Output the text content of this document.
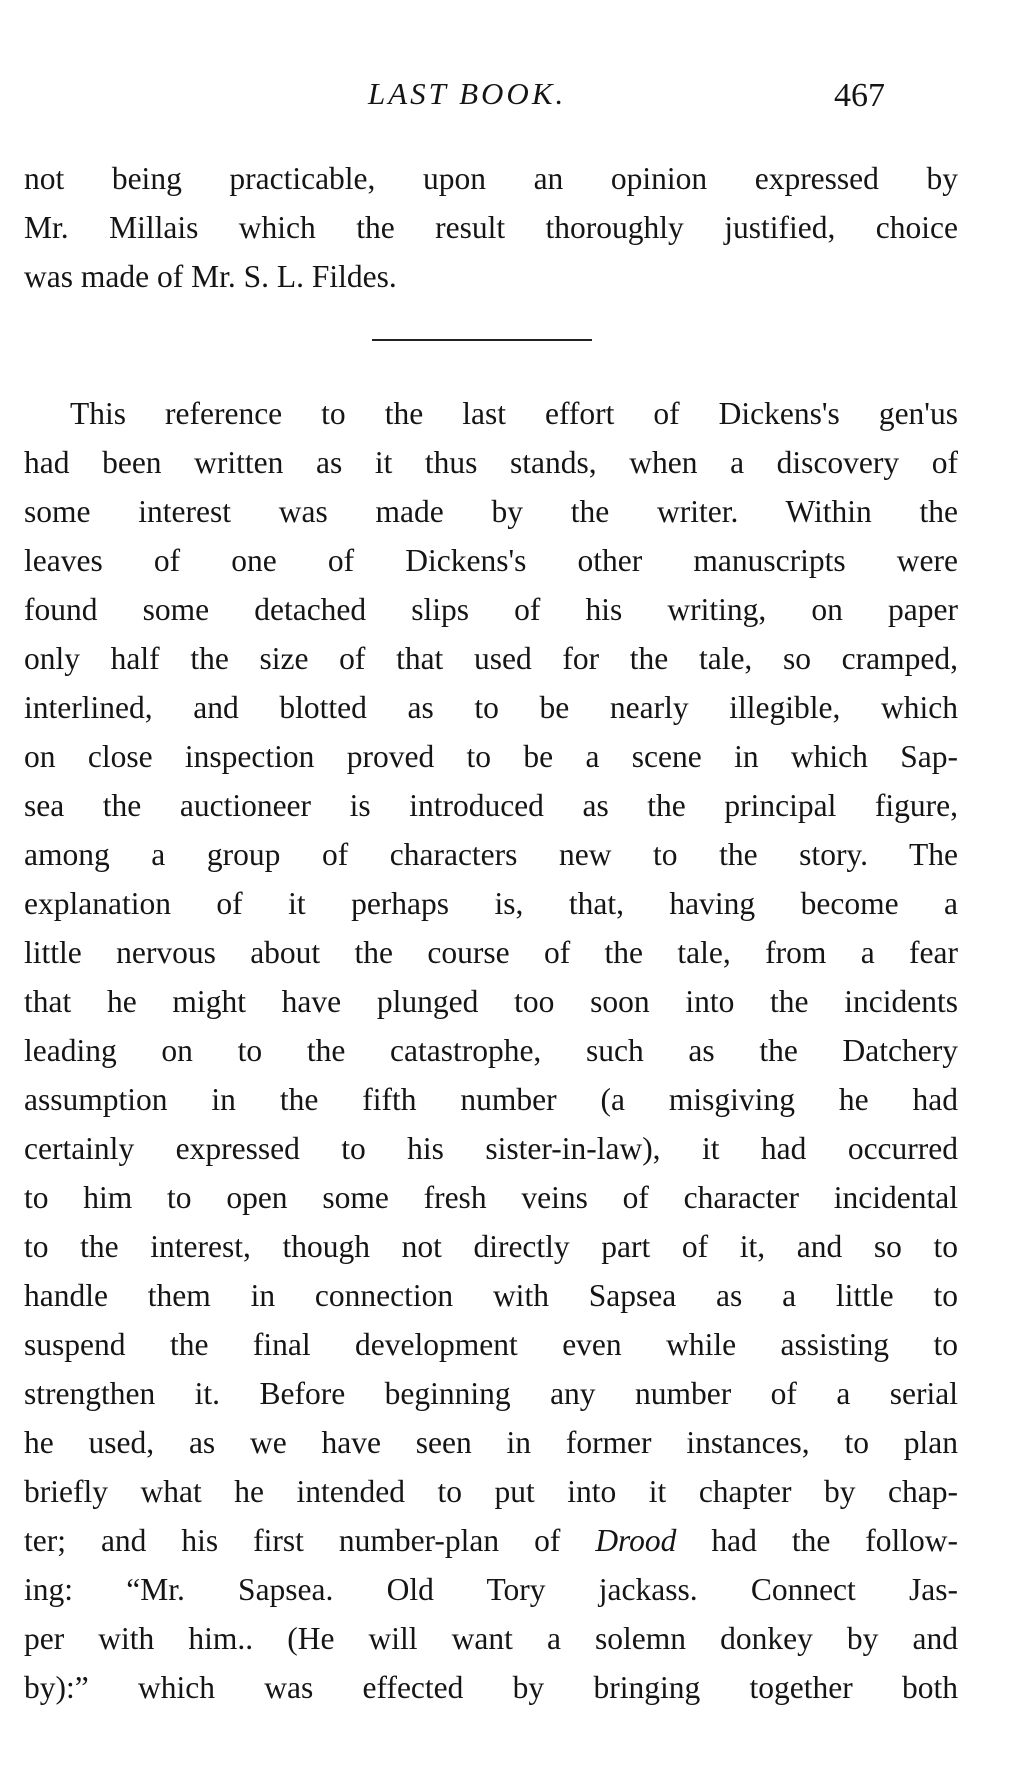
LAST BOOK.	467
not being practicable, upon an opinion expressed by
Mr. Millais which the result thoroughly justified, choice
was made of Mr. S. L. Fildes.
This reference to the last effort of Dickens's gen'us
had been written as it thus stands, when a discovery of
some interest was made by the writer. Within the
leaves of one of Dickens's other manuscripts were
found some detached slips of his writing, on paper
only half the size of that used for the tale, so cramped,
interlined, and blotted as to be nearly illegible, which
on close inspection proved to be a scene in which Sap-
sea the auctioneer is introduced as the principal figure,
among a group of characters new to the story. The
explanation of it perhaps is, that, having become a
little nervous about the course of the tale, from a fear
that he might have plunged too soon into the incidents
leading on to the catastrophe, such as the Datchery
assumption in the fifth number (a misgiving he had
certainly expressed to his sister-in-law), it had occurred
to him to open some fresh veins of character incidental
to the interest, though not directly part of it, and so to
handle them in connection with Sapsea as a little to
suspend the final development even while assisting to
strengthen it. Before beginning any number of a serial
he used, as we have seen in former instances, to plan
briefly what he intended to put into it chapter by chap-
ter; and his first number-plan of Drood had the follow-
ing: “Mr. Sapsea. Old Tory jackass. Connect Jas-
per with him.. (He will want a solemn donkey by and
by):” which was effected by bringing together both
